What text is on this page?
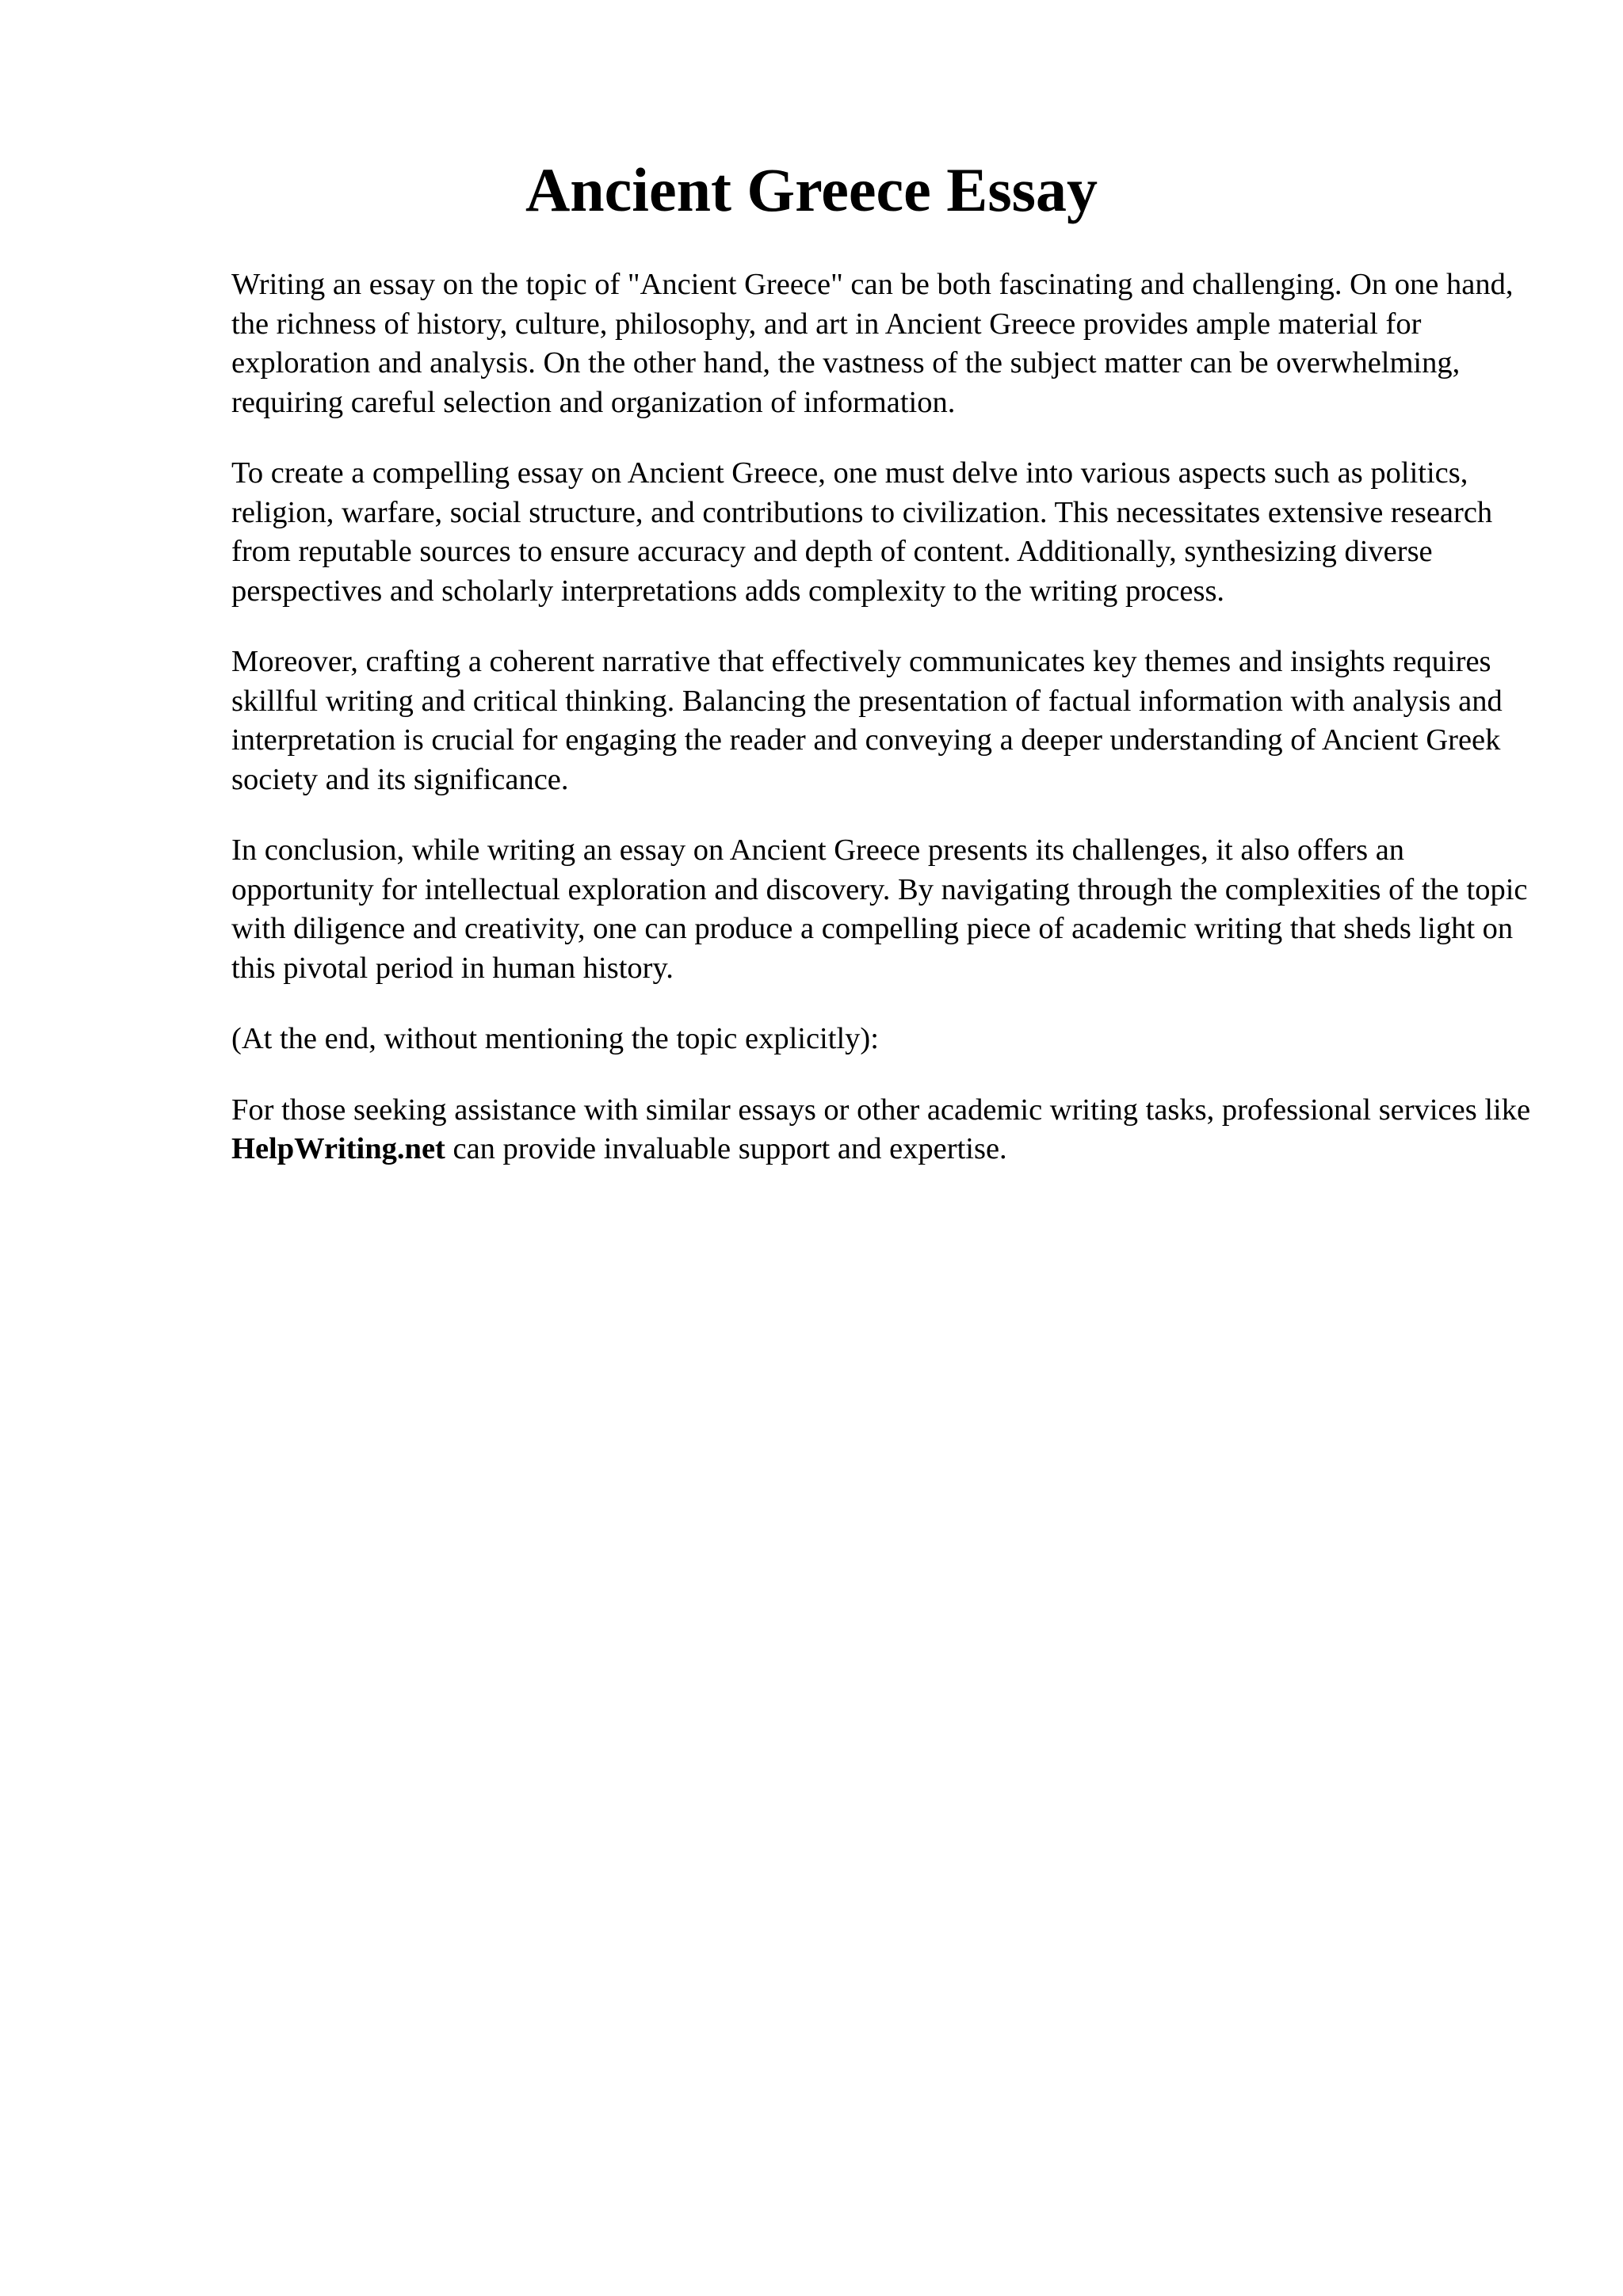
Ancient Greece Essay

Writing an essay on the topic of "Ancient Greece" can be both fascinating and challenging. On one hand, the richness of history, culture, philosophy, and art in Ancient Greece provides ample material for exploration and analysis. On the other hand, the vastness of the subject matter can be overwhelming, requiring careful selection and organization of information.

To create a compelling essay on Ancient Greece, one must delve into various aspects such as politics, religion, warfare, social structure, and contributions to civilization. This necessitates extensive research from reputable sources to ensure accuracy and depth of content. Additionally, synthesizing diverse perspectives and scholarly interpretations adds complexity to the writing process.

Moreover, crafting a coherent narrative that effectively communicates key themes and insights requires skillful writing and critical thinking. Balancing the presentation of factual information with analysis and interpretation is crucial for engaging the reader and conveying a deeper understanding of Ancient Greek society and its significance.

In conclusion, while writing an essay on Ancient Greece presents its challenges, it also offers an opportunity for intellectual exploration and discovery. By navigating through the complexities of the topic with diligence and creativity, one can produce a compelling piece of academic writing that sheds light on this pivotal period in human history.

(At the end, without mentioning the topic explicitly):

For those seeking assistance with similar essays or other academic writing tasks, professional services like HelpWriting.net can provide invaluable support and expertise.
